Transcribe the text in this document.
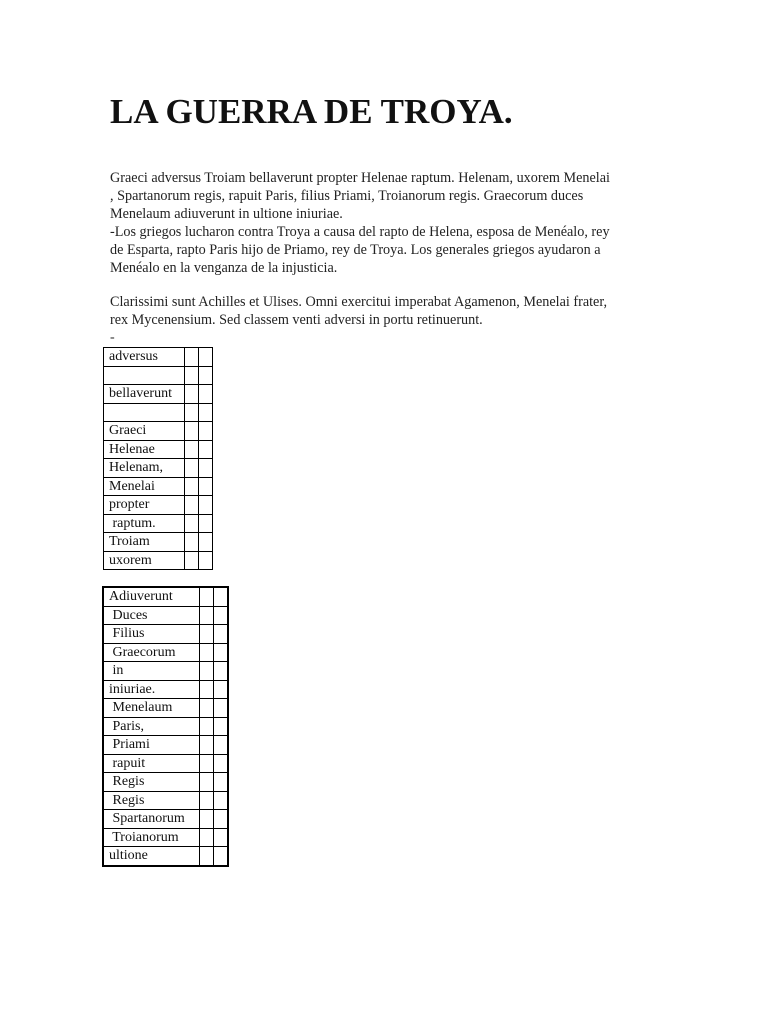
LA GUERRA DE TROYA.
Graeci adversus Troiam bellaverunt propter Helenae raptum. Helenam, uxorem Menelai
, Spartanorum regis, rapuit Paris, filius Priami, Troianorum regis. Graecorum duces
Menelaum adiuverunt in ultione iniuriae.
-Los griegos lucharon contra Troya a causa del rapto de Helena, esposa de Menéalo, rey
de Esparta, rapto Paris hijo de Priamo, rey de Troya. Los generales griegos ayudaron a
Menéalo en la venganza de la injusticia.
Clarissimi sunt Achilles et Ulises. Omni exercitui imperabat Agamenon, Menelai frater,
rex Mycenensium. Sed classem venti adversi in portu retinuerunt.
-
adversus		

bellaverunt		

Graeci		
Helenae		
Helenam,		
Menelai		
propter		
raptum.		
Troiam		
uxorem		
Adiuverunt		
Duces		
Filius		
Graecorum		
in		
iniuriae.		
Menelaum		
Paris,		
Priami		
rapuit		
Regis		
Regis		
Spartanorum		
Troianorum		
ultione		
